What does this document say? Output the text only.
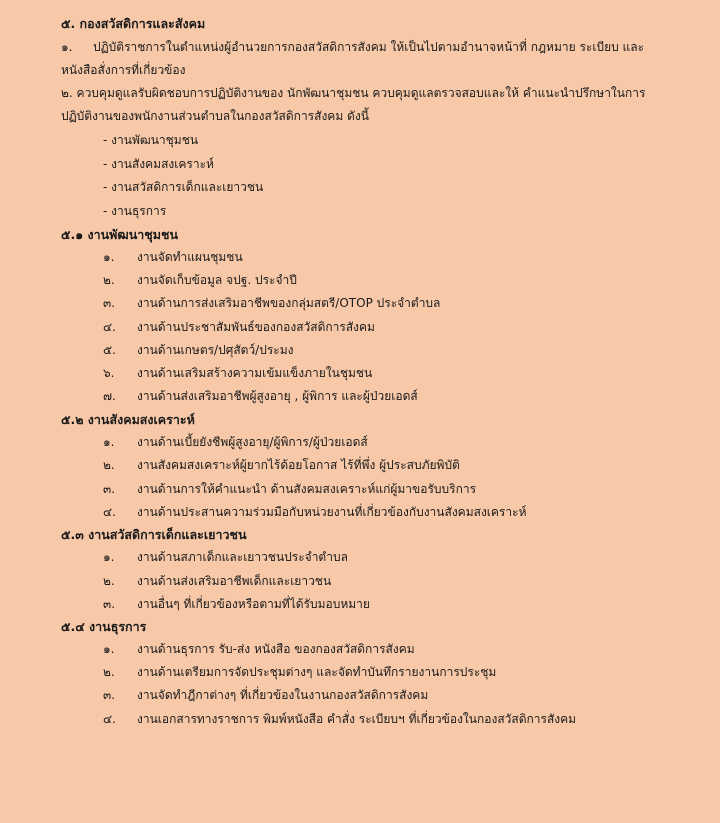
๕. กองสวัสดิการและสังคม
๑. ปฏิบัติราชการในตำแหน่งผู้อำนวยการกองสวัสดิการสังคม ให้เป็นไปตามอำนาจหน้าที่ กฎหมาย ระเบียบ และหนังสือสั่งการที่เกี่ยวข้อง
๒. ควบคุมดูแลรับผิดชอบการปฏิบัติงานของ นักพัฒนาชุมชน ควบคุมดูแลตรวจสอบและให้ คำแนะนำปรึกษาในการปฏิบัติงานของพนักงานส่วนตำบลในกองสวัสดิการสังคม ดังนี้
- งานพัฒนาชุมชน
- งานสังคมสงเคราะห์
- งานสวัสดิการเด็กและเยาวชน
- งานธุรการ
๕.๑ งานพัฒนาชุมชน
๑. งานจัดทำแผนชุมชน
๒. งานจัดเก็บข้อมูล จปฐ. ประจำปี
๓. งานด้านการส่งเสริมอาชีพของกลุ่มสตรี/OTOP ประจำตำบล
๔. งานด้านประชาสัมพันธ์ของกองสวัสดิการสังคม
๕. งานด้านเกษตร/ปศุสัตว์/ประมง
๖. งานด้านเสริมสร้างความเข้มแข็งภายในชุมชน
๗. งานด้านส่งเสริมอาชีพผู้สูงอายุ , ผู้พิการ และผู้ป่วยเอดส์
๕.๒ งานสังคมสงเคราะห์
๑. งานด้านเบี้ยยังชีพผู้สูงอายุ/ผู้พิการ/ผู้ป่วยเอดส์
๒. งานสังคมสงเคราะห์ผู้ยากไร้ด้อยโอกาส ไร้ที่พึ่ง ผู้ประสบภัยพิบัติ
๓. งานด้านการให้คำแนะนำ ด้านสังคมสงเคราะห์แก่ผู้มาขอรับบริการ
๔. งานด้านประสานความร่วมมือกับหน่วยงานที่เกี่ยวข้องกับงานสังคมสงเคราะห์
๕.๓ งานสวัสดิการเด็กและเยาวชน
๑. งานด้านสภาเด็กและเยาวชนประจำตำบล
๒. งานด้านส่งเสริมอาชีพเด็กและเยาวชน
๓. งานอื่นๆ ที่เกี่ยวข้องหรือตามที่ได้รับมอบหมาย
๕.๔ งานธุรการ
๑. งานด้านธุรการ รับ-ส่ง หนังสือ ของกองสวัสดิการสังคม
๒. งานด้านเตรียมการจัดประชุมต่างๆ และจัดทำบันทึกรายงานการประชุม
๓. งานจัดทำฎีกาต่างๆ ที่เกี่ยวข้องในงานกองสวัสดิการสังคม
๔. งานเอกสารทางราชการ พิมพ์หนังสือ คำสั่ง ระเบียบฯ ที่เกี่ยวข้องในกองสวัสดิการสังคม
